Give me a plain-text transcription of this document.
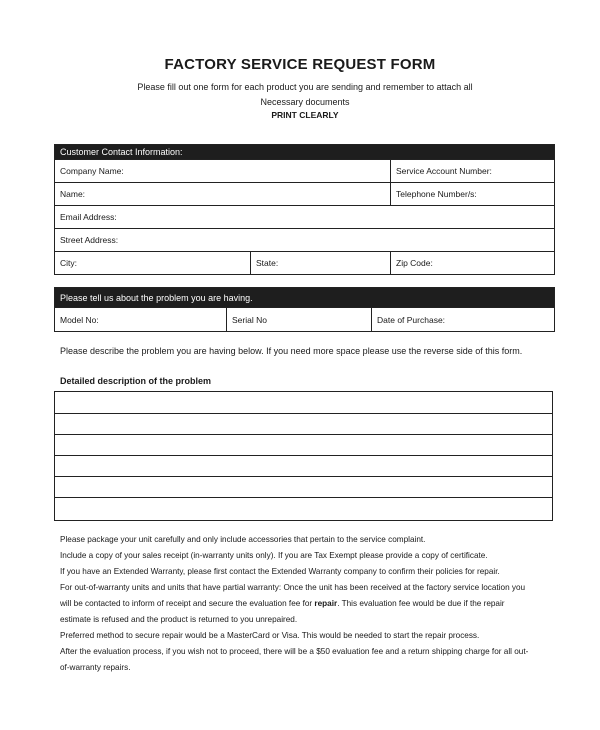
FACTORY SERVICE REQUEST FORM
Please fill out one form for each product you are sending and remember to attach all
Necessary documents
PRINT CLEARLY
Customer Contact Information:		
Company Name:		Service Account Number:
Name:		Telephone Number/s:
Email Address:		
Street Address:		
City:	State:	Zip Code:
Please tell us about the problem you are having.
Model No:	Serial No	Date of Purchase:
Please describe the problem you are having below. If you need more space please use the reverse side of this form.
Detailed description of the problem

Please package your unit carefully and only include accessories that pertain to the service complaint.

Include a copy of your sales receipt (in-warranty units only). If you are Tax Exempt please provide a copy of certificate.

If you have an Extended Warranty, please first contact the Extended Warranty company to confirm their policies for repair.

For out-of-warranty units and units that have partial warranty: Once the unit has been received at the factory service location you

will be contacted to inform of receipt and secure the evaluation fee for repair. This evaluation fee would be due if the repair

estimate is refused and the product is returned to you unrepaired.

Preferred method to secure repair would be a MasterCard or Visa. This would be needed to start the repair process.

After the evaluation process, if you wish not to proceed, there will be a $50 evaluation fee and a return shipping charge for all out-

of-warranty repairs.
